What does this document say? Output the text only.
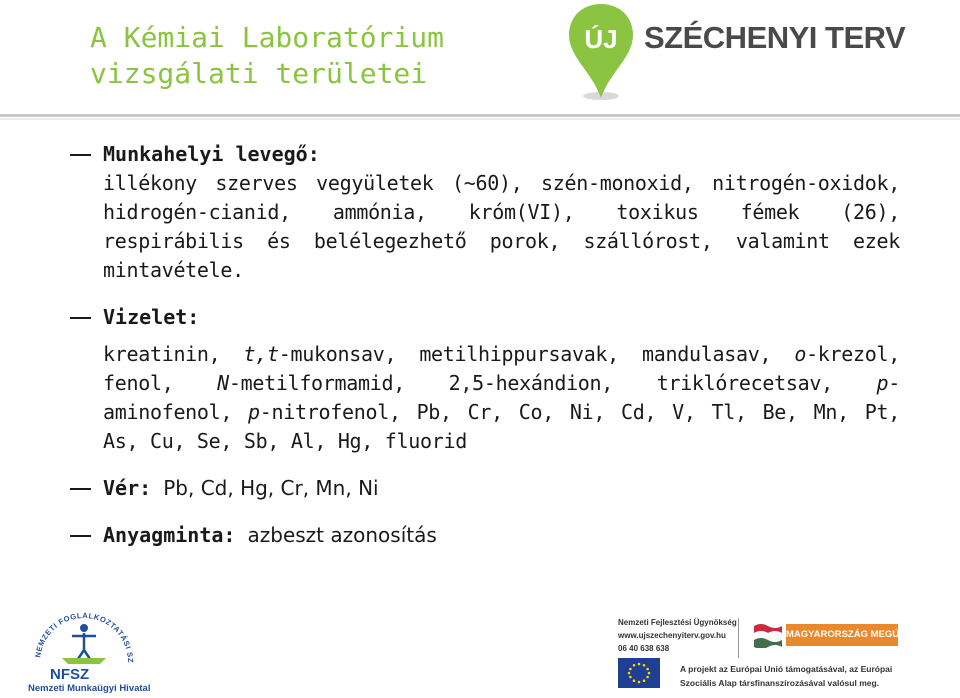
A Kémiai Laboratórium
vizsgálati területei
ÚJ SZÉCHENYI TERV
Munkahelyi levegő:
illékony szerves vegyületek (~60), szén-monoxid, nitrogén-oxidok, hidrogén-cianid, ammónia, króm(VI), toxikus fémek (26), respirábilis és belélegezhető porok, szállórost, valamint ezek mintavétele.
Vizelet:
kreatinin, t,t-mukonsav, metilhippursavak, mandulasav, o-krezol, fenol, N-metilformamid, 2,5-hexándion, triklórecetsav, p-aminofenol, p-nitrofenol, Pb, Cr, Co, Ni, Cd, V, Tl, Be, Mn, Pt, As, Cu, Se, Sb, Al, Hg, fluorid
Vér: Pb, Cd, Hg, Cr, Mn, Ni
Anyagminta: azbeszt azonosítás
NEMZETI FOGLALKOZTATÁSI SZ
NFSZ
Nemzeti Munkaügyi Hivatal
Nemzeti Fejlesztési Ügynökség
www.ujszechenyiterv.gov.hu
06 40 638 638
MAGYARORSZÁG MEGÚJUL
A projekt az Európai Unió támogatásával, az Európai
Szociális Alap társfinanszírozásával valósul meg.
